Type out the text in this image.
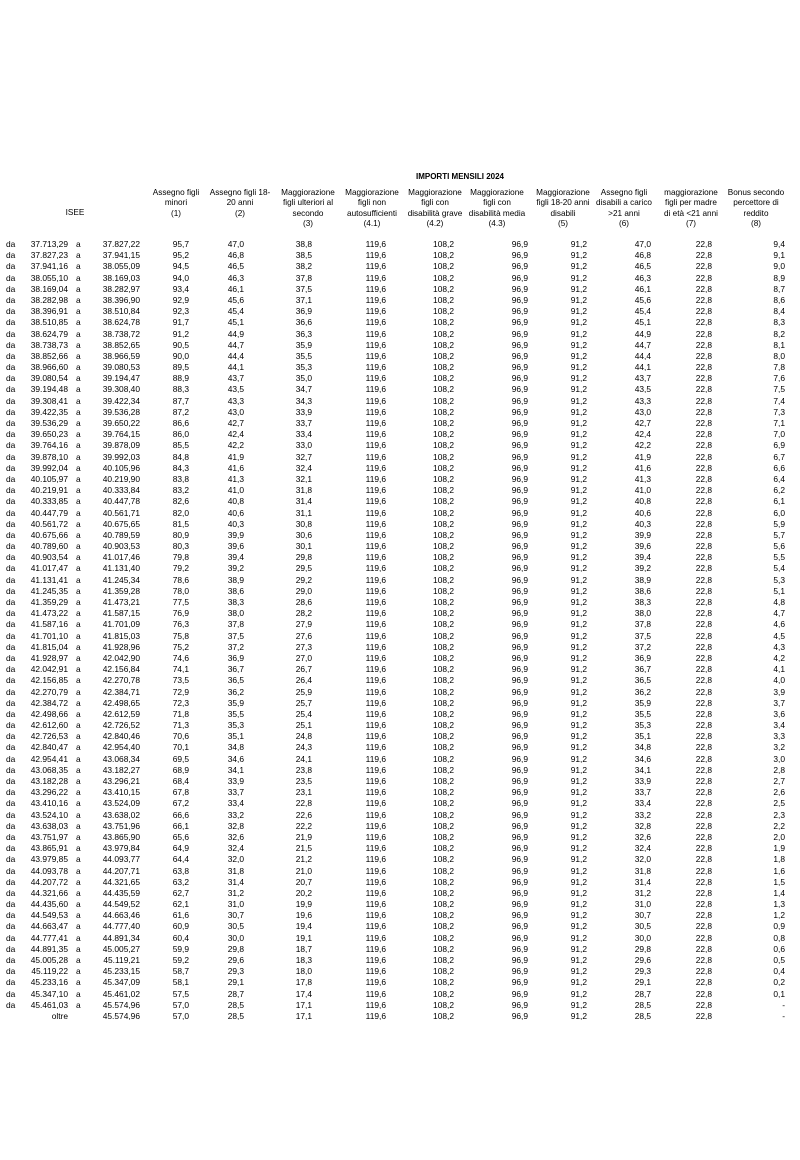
IMPORTI MENSILI 2024
Assegno figli
minori
(1)
Assegno figli 18-
20 anni
(2)
Maggiorazione
figli ulteriori al
secondo
(3)
Maggiorazione
figli non
autosufficienti
(4.1)
Maggiorazione
figli con
disabilità grave
(4.2)
Maggiorazione
figli con
disabilità media
(4.3)
Maggiorazione
figli 18-20 anni
disabili
(5)
Assegno figli
disabili a carico
>21 anni
(6)
maggiorazione
figli per madre
di età <21 anni
(7)
Bonus secondo
percettore di
reddito
(8)
ISEE
da	37.713,29 a	37.827,22	95,7	47,0	38,8	119,6	108,2	96,9	91,2	47,0	22,8	9,4
da	37.827,23 a	37.941,15	95,2	46,8	38,5	119,6	108,2	96,9	91,2	46,8	22,8	9,1
da	37.941,16 a	38.055,09	94,5	46,5	38,2	119,6	108,2	96,9	91,2	46,5	22,8	9,0
da	38.055,10 a	38.169,03	94,0	46,3	37,8	119,6	108,2	96,9	91,2	46,3	22,8	8,9
da	38.169,04 a	38.282,97	93,4	46,1	37,5	119,6	108,2	96,9	91,2	46,1	22,8	8,7
da	38.282,98 a	38.396,90	92,9	45,6	37,1	119,6	108,2	96,9	91,2	45,6	22,8	8,6
da	38.396,91 a	38.510,84	92,3	45,4	36,9	119,6	108,2	96,9	91,2	45,4	22,8	8,4
da	38.510,85 a	38.624,78	91,7	45,1	36,6	119,6	108,2	96,9	91,2	45,1	22,8	8,3
da	38.624,79 a	38.738,72	91,2	44,9	36,3	119,6	108,2	96,9	91,2	44,9	22,8	8,2
da	38.738,73 a	38.852,65	90,5	44,7	35,9	119,6	108,2	96,9	91,2	44,7	22,8	8,1
da	38.852,66 a	38.966,59	90,0	44,4	35,5	119,6	108,2	96,9	91,2	44,4	22,8	8,0
da	38.966,60 a	39.080,53	89,5	44,1	35,3	119,6	108,2	96,9	91,2	44,1	22,8	7,8
da	39.080,54 a	39.194,47	88,9	43,7	35,0	119,6	108,2	96,9	91,2	43,7	22,8	7,6
da	39.194,48 a	39.308,40	88,3	43,5	34,7	119,6	108,2	96,9	91,2	43,5	22,8	7,5
da	39.308,41 a	39.422,34	87,7	43,3	34,3	119,6	108,2	96,9	91,2	43,3	22,8	7,4
da	39.422,35 a	39.536,28	87,2	43,0	33,9	119,6	108,2	96,9	91,2	43,0	22,8	7,3
da	39.536,29 a	39.650,22	86,6	42,7	33,7	119,6	108,2	96,9	91,2	42,7	22,8	7,1
da	39.650,23 a	39.764,15	86,0	42,4	33,4	119,6	108,2	96,9	91,2	42,4	22,8	7,0
da	39.764,16 a	39.878,09	85,5	42,2	33,0	119,6	108,2	96,9	91,2	42,2	22,8	6,9
da	39.878,10 a	39.992,03	84,8	41,9	32,7	119,6	108,2	96,9	91,2	41,9	22,8	6,7
da	39.992,04 a	40.105,96	84,3	41,6	32,4	119,6	108,2	96,9	91,2	41,6	22,8	6,6
da	40.105,97 a	40.219,90	83,8	41,3	32,1	119,6	108,2	96,9	91,2	41,3	22,8	6,4
da	40.219,91 a	40.333,84	83,2	41,0	31,8	119,6	108,2	96,9	91,2	41,0	22,8	6,2
da	40.333,85 a	40.447,78	82,6	40,8	31,4	119,6	108,2	96,9	91,2	40,8	22,8	6,1
da	40.447,79 a	40.561,71	82,0	40,6	31,1	119,6	108,2	96,9	91,2	40,6	22,8	6,0
da	40.561,72 a	40.675,65	81,5	40,3	30,8	119,6	108,2	96,9	91,2	40,3	22,8	5,9
da	40.675,66 a	40.789,59	80,9	39,9	30,6	119,6	108,2	96,9	91,2	39,9	22,8	5,7
da	40.789,60 a	40.903,53	80,3	39,6	30,1	119,6	108,2	96,9	91,2	39,6	22,8	5,6
da	40.903,54 a	41.017,46	79,8	39,4	29,8	119,6	108,2	96,9	91,2	39,4	22,8	5,5
da	41.017,47 a	41.131,40	79,2	39,2	29,5	119,6	108,2	96,9	91,2	39,2	22,8	5,4
da	41.131,41 a	41.245,34	78,6	38,9	29,2	119,6	108,2	96,9	91,2	38,9	22,8	5,3
da	41.245,35 a	41.359,28	78,0	38,6	29,0	119,6	108,2	96,9	91,2	38,6	22,8	5,1
da	41.359,29 a	41.473,21	77,5	38,3	28,6	119,6	108,2	96,9	91,2	38,3	22,8	4,8
da	41.473,22 a	41.587,15	76,9	38,0	28,2	119,6	108,2	96,9	91,2	38,0	22,8	4,7
da	41.587,16 a	41.701,09	76,3	37,8	27,9	119,6	108,2	96,9	91,2	37,8	22,8	4,6
da	41.701,10 a	41.815,03	75,8	37,5	27,6	119,6	108,2	96,9	91,2	37,5	22,8	4,5
da	41.815,04 a	41.928,96	75,2	37,2	27,3	119,6	108,2	96,9	91,2	37,2	22,8	4,3
da	41.928,97 a	42.042,90	74,6	36,9	27,0	119,6	108,2	96,9	91,2	36,9	22,8	4,2
da	42.042,91 a	42.156,84	74,1	36,7	26,7	119,6	108,2	96,9	91,2	36,7	22,8	4,1
da	42.156,85 a	42.270,78	73,5	36,5	26,4	119,6	108,2	96,9	91,2	36,5	22,8	4,0
da	42.270,79 a	42.384,71	72,9	36,2	25,9	119,6	108,2	96,9	91,2	36,2	22,8	3,9
da	42.384,72 a	42.498,65	72,3	35,9	25,7	119,6	108,2	96,9	91,2	35,9	22,8	3,7
da	42.498,66 a	42.612,59	71,8	35,5	25,4	119,6	108,2	96,9	91,2	35,5	22,8	3,6
da	42.612,60 a	42.726,52	71,3	35,3	25,1	119,6	108,2	96,9	91,2	35,3	22,8	3,4
da	42.726,53 a	42.840,46	70,6	35,1	24,8	119,6	108,2	96,9	91,2	35,1	22,8	3,3
da	42.840,47 a	42.954,40	70,1	34,8	24,3	119,6	108,2	96,9	91,2	34,8	22,8	3,2
da	42.954,41 a	43.068,34	69,5	34,6	24,1	119,6	108,2	96,9	91,2	34,6	22,8	3,0
da	43.068,35 a	43.182,27	68,9	34,1	23,8	119,6	108,2	96,9	91,2	34,1	22,8	2,8
da	43.182,28 a	43.296,21	68,4	33,9	23,5	119,6	108,2	96,9	91,2	33,9	22,8	2,7
da	43.296,22 a	43.410,15	67,8	33,7	23,1	119,6	108,2	96,9	91,2	33,7	22,8	2,6
da	43.410,16 a	43.524,09	67,2	33,4	22,8	119,6	108,2	96,9	91,2	33,4	22,8	2,5
da	43.524,10 a	43.638,02	66,6	33,2	22,6	119,6	108,2	96,9	91,2	33,2	22,8	2,3
da	43.638,03 a	43.751,96	66,1	32,8	22,2	119,6	108,2	96,9	91,2	32,8	22,8	2,2
da	43.751,97 a	43.865,90	65,6	32,6	21,9	119,6	108,2	96,9	91,2	32,6	22,8	2,0
da	43.865,91 a	43.979,84	64,9	32,4	21,5	119,6	108,2	96,9	91,2	32,4	22,8	1,9
da	43.979,85 a	44.093,77	64,4	32,0	21,2	119,6	108,2	96,9	91,2	32,0	22,8	1,8
da	44.093,78 a	44.207,71	63,8	31,8	21,0	119,6	108,2	96,9	91,2	31,8	22,8	1,6
da	44.207,72 a	44.321,65	63,2	31,4	20,7	119,6	108,2	96,9	91,2	31,4	22,8	1,5
da	44.321,66 a	44.435,59	62,7	31,2	20,2	119,6	108,2	96,9	91,2	31,2	22,8	1,4
da	44.435,60 a	44.549,52	62,1	31,0	19,9	119,6	108,2	96,9	91,2	31,0	22,8	1,3
da	44.549,53 a	44.663,46	61,6	30,7	19,6	119,6	108,2	96,9	91,2	30,7	22,8	1,2
da	44.663,47 a	44.777,40	60,9	30,5	19,4	119,6	108,2	96,9	91,2	30,5	22,8	0,9
da	44.777,41 a	44.891,34	60,4	30,0	19,1	119,6	108,2	96,9	91,2	30,0	22,8	0,8
da	44.891,35 a	45.005,27	59,9	29,8	18,7	119,6	108,2	96,9	91,2	29,8	22,8	0,6
da	45.005,28 a	45.119,21	59,2	29,6	18,3	119,6	108,2	96,9	91,2	29,6	22,8	0,5
da	45.119,22 a	45.233,15	58,7	29,3	18,0	119,6	108,2	96,9	91,2	29,3	22,8	0,4
da	45.233,16 a	45.347,09	58,1	29,1	17,8	119,6	108,2	96,9	91,2	29,1	22,8	0,2
da	45.347,10 a	45.461,02	57,5	28,7	17,4	119,6	108,2	96,9	91,2	28,7	22,8	0,1
da	45.461,03 a	45.574,96	57,0	28,5	17,1	119,6	108,2	96,9	91,2	28,5	22,8	-
oltre	45.574,96	57,0	28,5	17,1	119,6	108,2	96,9	91,2	28,5	22,8	-
